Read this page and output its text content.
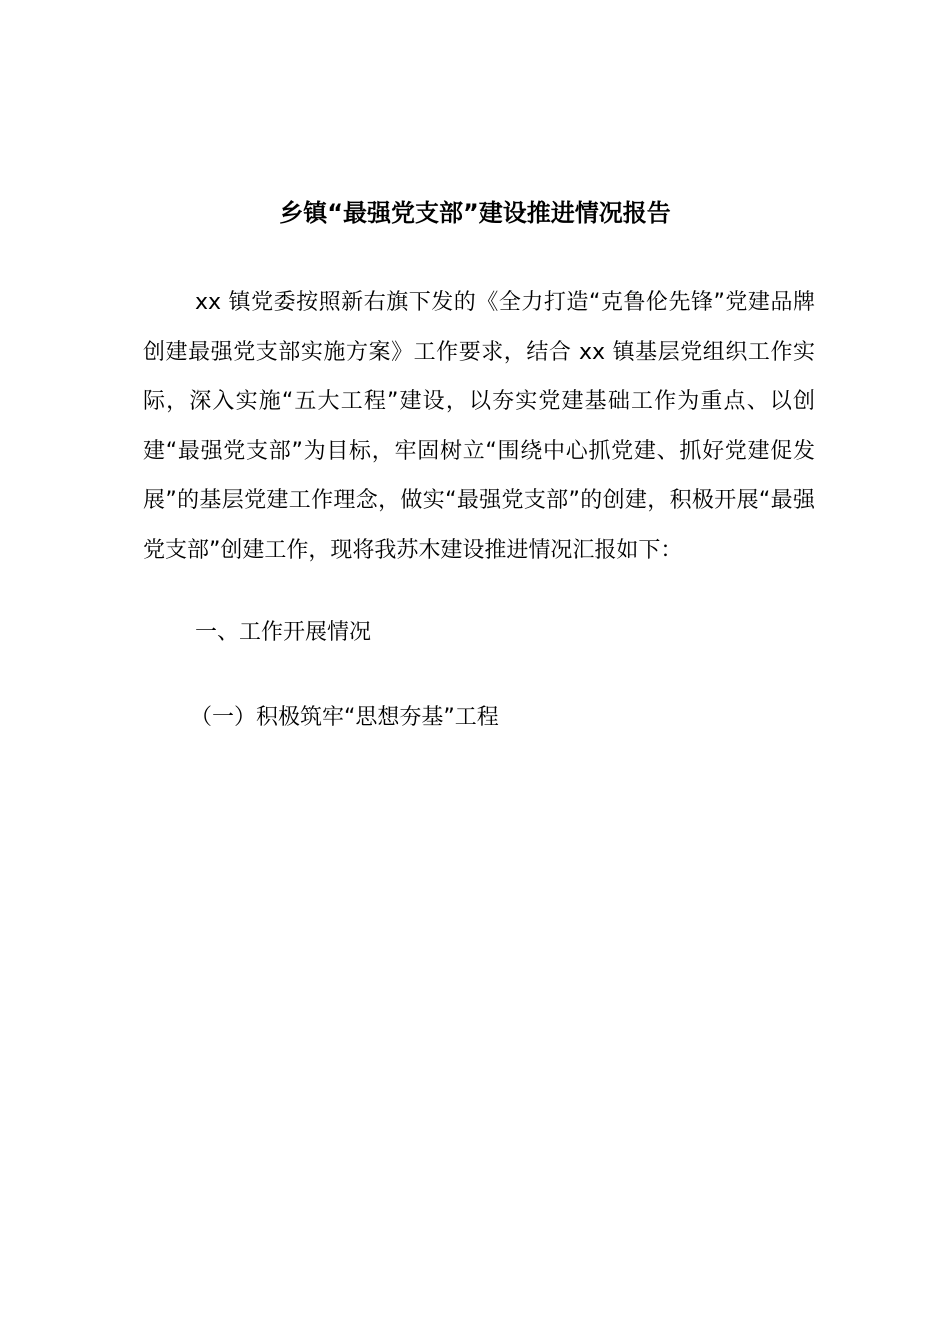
乡镇“最强党支部”建设推进情况报告

xx 镇党委按照新右旗下发的《全力打造“克鲁伦先锋”党建品牌创建最强党支部实施方案》工作要求，结合 xx 镇基层党组织工作实际，深入实施“五大工程”建设，以夯实党建基础工作为重点、以创建“最强党支部”为目标，牢固树立“围绕中心抓党建、抓好党建促发展”的基层党建工作理念，做实“最强党支部”的创建，积极开展“最强党支部”创建工作，现将我苏木建设推进情况汇报如下：

一、工作开展情况

（一）积极筑牢“思想夯基”工程
